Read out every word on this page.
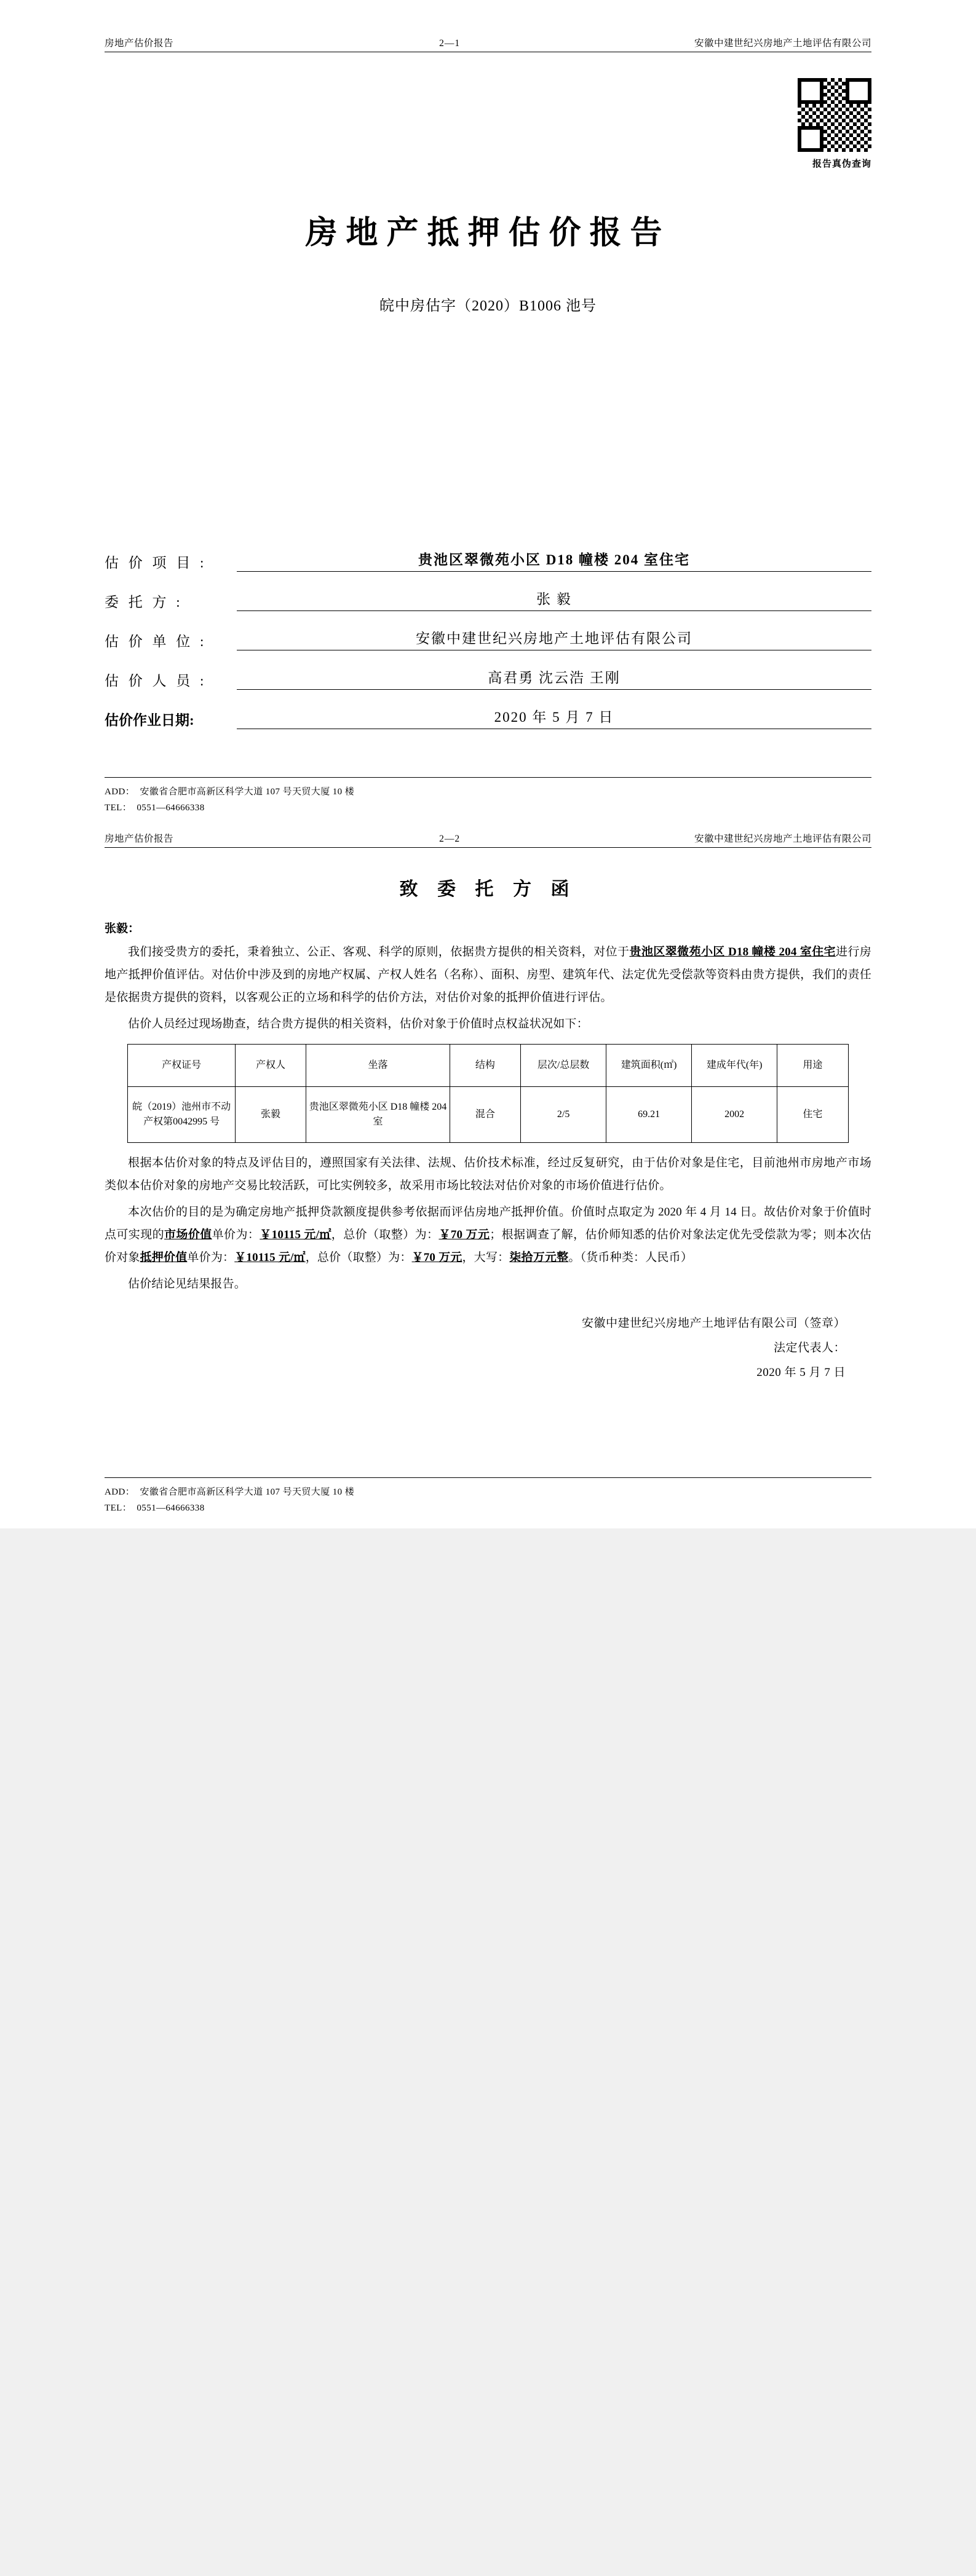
房地产估价报告	2—1	安徽中建世纪兴房地产土地评估有限公司
报告真伪查询
房地产抵押估价报告
皖中房估字（2020）B1006 池号
估 价 项 目 :	贵池区翠微苑小区 D18 幢楼 204 室住宅
委 托 方 :	张 毅
估 价 单 位 :	安徽中建世纪兴房地产土地评估有限公司
估 价 人 员 :	高君勇 沈云浩 王刚
估价作业日期:	2020 年 5 月 7 日
ADD：  安徽省合肥市高新区科学大道 107 号天贸大厦 10 楼
TEL：  0551—64666338
房地产估价报告	2—2	安徽中建世纪兴房地产土地评估有限公司
致 委 托 方 函
张毅：

我们接受贵方的委托，秉着独立、公正、客观、科学的原则，依据贵方提供的相关资料，对位于贵池区翠微苑小区 D18 幢楼 204 室住宅进行房地产抵押价值评估。对估价中涉及到的房地产权属、产权人姓名（名称）、面积、房型、建筑年代、法定优先受偿款等资料由贵方提供，我们的责任是依据贵方提供的资料，以客观公正的立场和科学的估价方法，对估价对象的抵押价值进行评估。

估价人员经过现场勘查，结合贵方提供的相关资料，估价对象于价值时点权益状况如下：

产权证号	产权人	坐落	结构	层次/总层数	建筑面积(㎡)	建成年代(年)	用途
皖（2019）池州市不动产权第0042995 号	张毅	贵池区翠微苑小区 D18 幢楼 204 室	混合	2/5	69.21	2002	住宅

根据本估价对象的特点及评估目的，遵照国家有关法律、法规、估价技术标准，经过反复研究，由于估价对象是住宅，目前池州市房地产市场类似本估价对象的房地产交易比较活跃，可比实例较多，故采用市场比较法对估价对象的市场价值进行估价。

本次估价的目的是为确定房地产抵押贷款额度提供参考依据而评估房地产抵押价值。价值时点取定为 2020 年 4 月 14 日。故估价对象于价值时点可实现的市场价值单价为：￥10115 元/㎡，总价（取整）为：￥70 万元；根据调查了解，估价师知悉的估价对象法定优先受偿款为零；则本次估价对象抵押价值单价为：￥10115 元/㎡，总价（取整）为：￥70 万元，大写：柒拾万元整。（货币种类：人民币）

估价结论见结果报告。

安徽中建世纪兴房地产土地评估有限公司（签章）
法定代表人：
2020 年 5 月 7 日
ADD：  安徽省合肥市高新区科学大道 107 号天贸大厦 10 楼
TEL：  0551—64666338
